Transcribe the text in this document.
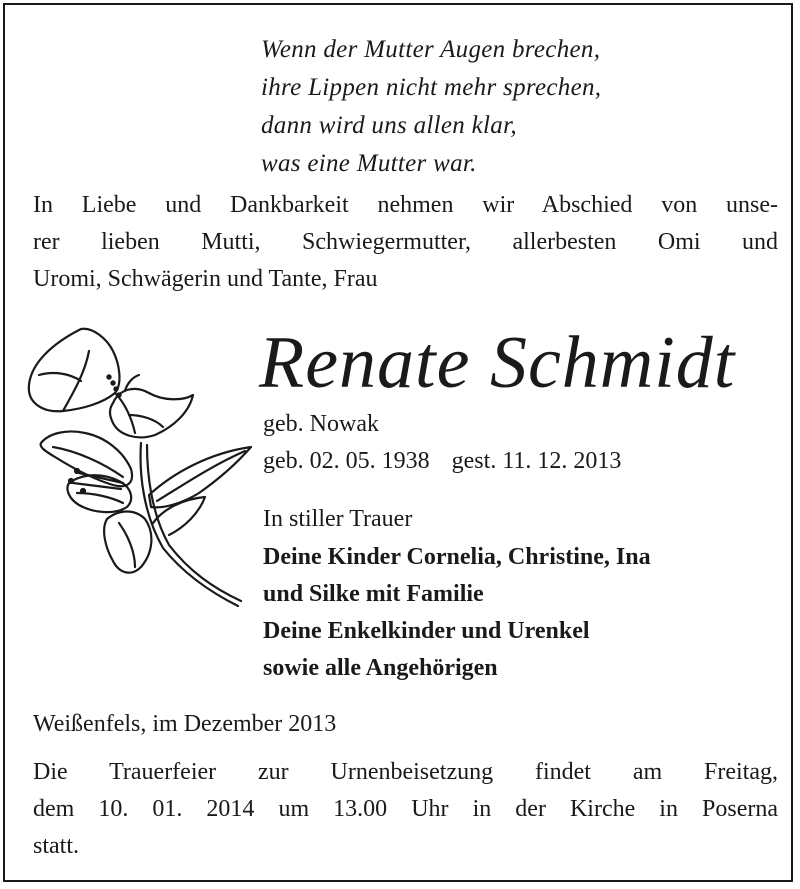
Wenn der Mutter Augen brechen,
ihre Lippen nicht mehr sprechen,
dann wird uns allen klar,
was eine Mutter war.
In Liebe und Dankbarkeit nehmen wir Abschied von unse-
rer lieben Mutti, Schwiegermutter, allerbesten Omi und
Uromi, Schwägerin und Tante, Frau
Renate Schmidt
geb. Nowak
geb. 02. 05. 1938 gest. 11. 12. 2013
In stiller Trauer
Deine Kinder Cornelia, Christine, Ina
und Silke mit Familie
Deine Enkelkinder und Urenkel
sowie alle Angehörigen
Weißenfels, im Dezember 2013
Die Trauerfeier zur Urnenbeisetzung findet am Freitag,
dem 10. 01. 2014 um 13.00 Uhr in der Kirche in Poserna
statt.
